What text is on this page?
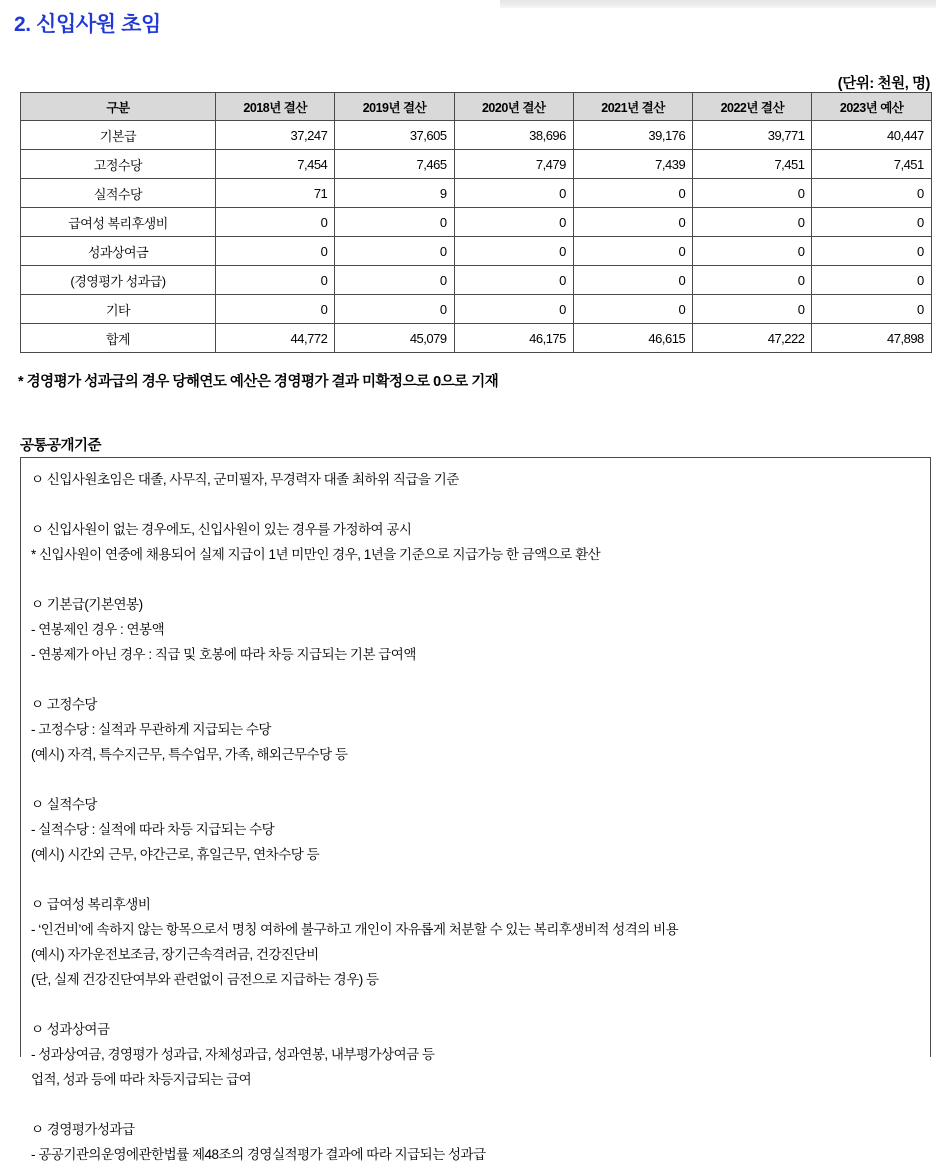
2. 신입사원 초임
(단위: 천원, 명)
구분	2018년 결산	2019년 결산	2020년 결산	2021년 결산	2022년 결산	2023년 예산
기본급	37,247	37,605	38,696	39,176	39,771	40,447
고정수당	7,454	7,465	7,479	7,439	7,451	7,451
실적수당	71	9	0	0	0	0
급여성 복리후생비	0	0	0	0	0	0
성과상여금	0	0	0	0	0	0
(경영평가 성과급)	0	0	0	0	0	0
기타	0	0	0	0	0	0
합계	44,772	45,079	46,175	46,615	47,222	47,898
* 경영평가 성과급의 경우 당해연도 예산은 경영평가 결과 미확정으로 0으로 기재
공통공개기준
ㅇ 신입사원초임은 대졸, 사무직, 군미필자, 무경력자 대졸 최하위 직급을 기준
ㅇ 신입사원이 없는 경우에도, 신입사원이 있는 경우를 가정하여 공시
* 신입사원이 연중에 채용되어 실제 지급이 1년 미만인 경우, 1년을 기준으로 지급가능 한 금액으로 환산
ㅇ 기본급(기본연봉)
- 연봉제인 경우 : 연봉액
- 연봉제가 아닌 경우 : 직급 및 호봉에 따라 차등 지급되는 기본 급여액
ㅇ 고정수당
- 고정수당 : 실적과 무관하게 지급되는 수당
(예시) 자격, 특수지근무, 특수업무, 가족, 해외근무수당 등
ㅇ 실적수당
- 실적수당 : 실적에 따라 차등 지급되는 수당
(예시) 시간외 근무, 야간근로, 휴일근무, 연차수당 등
ㅇ 급여성 복리후생비
- ‘인건비’에 속하지 않는 항목으로서 명칭 여하에 불구하고 개인이 자유롭게 처분할 수 있는 복리후생비적 성격의 비용
(예시) 자가운전보조금, 장기근속격려금, 건강진단비
(단, 실제 건강진단여부와 관련없이 금전으로 지급하는 경우) 등
ㅇ 성과상여금
- 성과상여금, 경영평가 성과급, 자체성과급, 성과연봉, 내부평가상여금 등
업적, 성과 등에 따라 차등지급되는 급여
ㅇ 경영평가성과급
- 공공기관의운영에관한법률 제48조의 경영실적평가 결과에 따라 지급되는 성과급
